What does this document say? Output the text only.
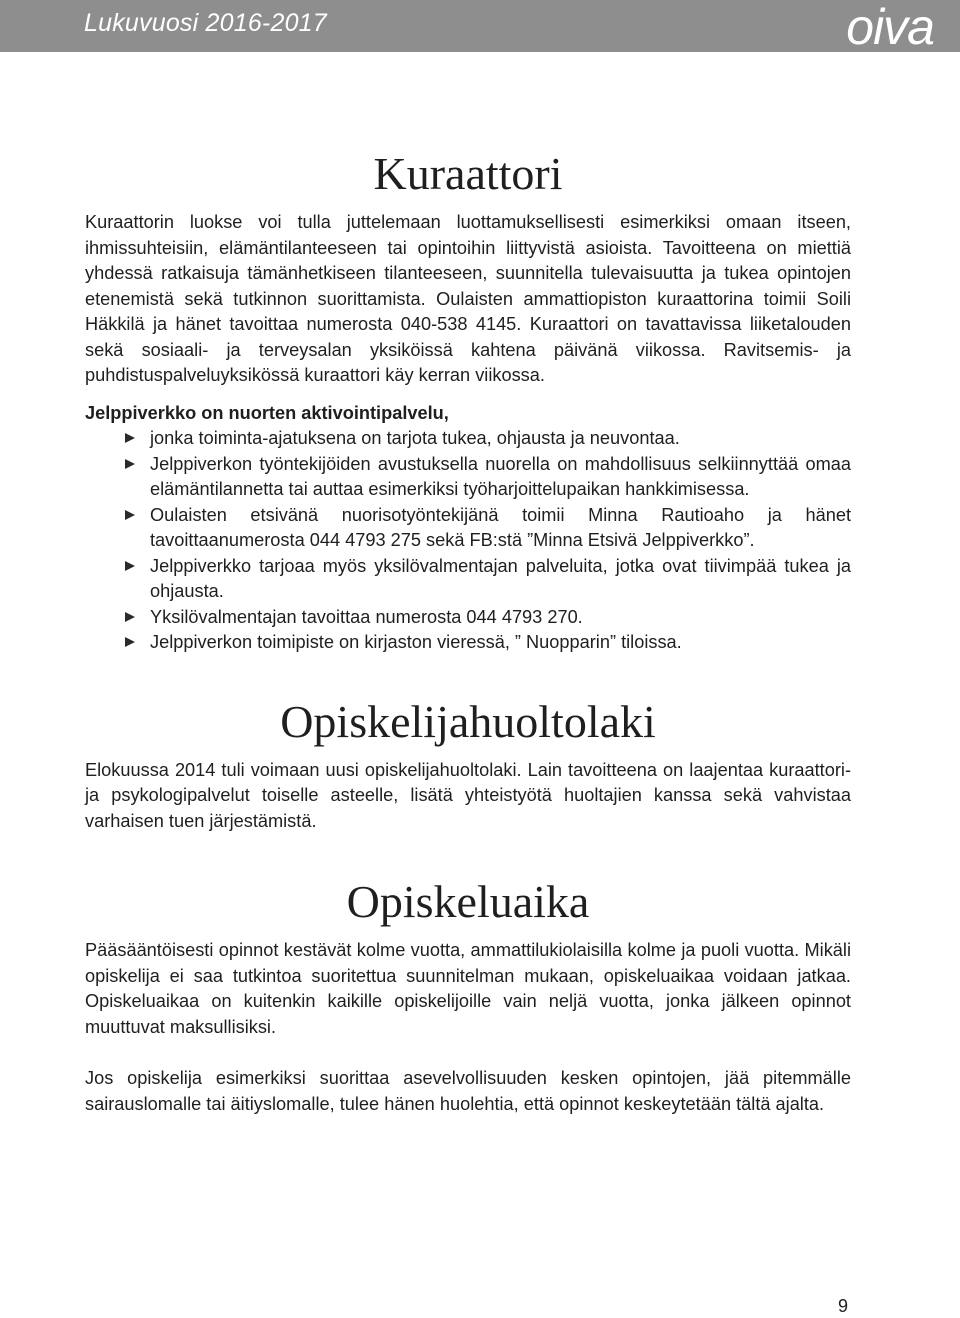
Lukuvuosi 2016-2017	oiva
Kuraattori

Kuraattorin luokse voi tulla juttelemaan luottamuksellisesti esimerkiksi omaan itseen, ihmissuhteisiin, elämäntilanteeseen tai opintoihin liittyvistä asioista. Tavoitteena on miettiä yhdessä ratkaisuja tämänhetkiseen tilanteeseen, suunnitella tulevaisuutta ja tukea opintojen etenemistä sekä tutkinnon suorittamista. Oulaisten ammattiopiston kuraattorina toimii Soili Häkkilä ja hänet tavoittaa numerosta 040-538 4145. Kuraattori on tavattavissa liiketalouden sekä sosiaali- ja terveysalan yksiköissä kahtena päivänä viikossa. Ravitsemis- ja puhdistuspalveluyksikössä kuraattori käy kerran viikossa.

Jelppiverkko on nuorten aktivointipalvelu,

jonka toiminta-ajatuksena on tarjota tukea, ohjausta ja neuvontaa.
Jelppiverkon työntekijöiden avustuksella nuorella on mahdollisuus selkiinnyttää omaa elämäntilannetta tai auttaa esimerkiksi työharjoittelupaikan hankkimisessa.
Oulaisten etsivänä nuorisotyöntekijänä toimii Minna Rautioaho ja hänet tavoittaanumerosta 044 4793 275 sekä FB:stä ”Minna Etsivä Jelppiverkko”.
Jelppiverkko tarjoaa myös yksilövalmentajan palveluita, jotka ovat tiivimpää tukea ja ohjausta.
Yksilövalmentajan tavoittaa numerosta 044 4793 270.
Jelppiverkon toimipiste on kirjaston vieressä, ” Nuopparin” tiloissa.
Opiskelijahuoltolaki

Elokuussa 2014 tuli voimaan uusi opiskelijahuoltolaki. Lain tavoitteena on laajentaa kuraattori- ja psykologipalvelut toiselle asteelle, lisätä yhteistyötä huoltajien kanssa sekä vahvistaa varhaisen tuen järjestämistä.

Opiskeluaika

Pääsääntöisesti opinnot kestävät kolme vuotta, ammattilukiolaisilla kolme ja puoli vuotta. Mikäli opiskelija ei saa tutkintoa suoritettua suunnitelman mukaan, opiskeluaikaa voidaan jatkaa. Opiskeluaikaa on kuitenkin kaikille opiskelijoille vain neljä vuotta, jonka jälkeen opinnot muuttuvat maksullisiksi.

Jos opiskelija esimerkiksi suorittaa asevelvollisuuden kesken opintojen, jää pitemmälle sairauslomalle tai äitiyslomalle, tulee hänen huolehtia, että opinnot keskeytetään tältä ajalta.

9
